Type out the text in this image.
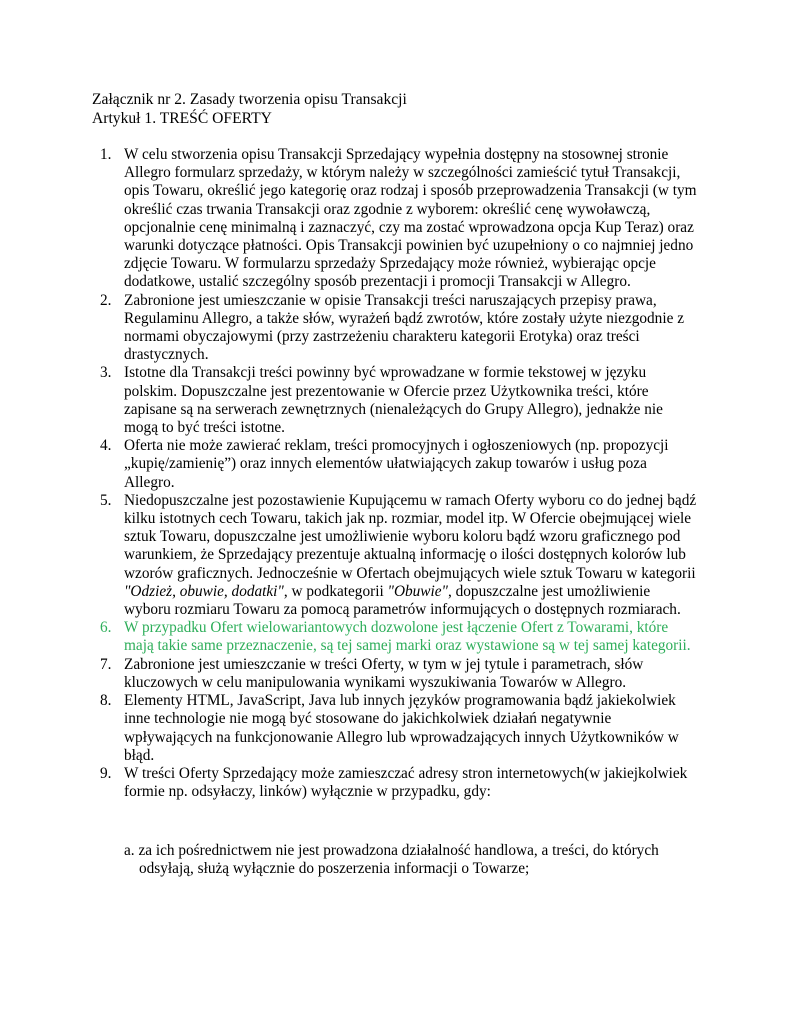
Załącznik nr 2. Zasady tworzenia opisu Transakcji

Artykuł 1. TREŚĆ OFERTY

1. W celu stworzenia opisu Transakcji Sprzedający wypełnia dostępny na stosownej stronie Allegro formularz sprzedaży, w którym należy w szczególności zamieścić tytuł Transakcji, opis Towaru, określić jego kategorię oraz rodzaj i sposób przeprowadzenia Transakcji (w tym określić czas trwania Transakcji oraz zgodnie z wyborem: określić cenę wywoławczą, opcjonalnie cenę minimalną i zaznaczyć, czy ma zostać wprowadzona opcja Kup Teraz) oraz warunki dotyczące płatności. Opis Transakcji powinien być uzupełniony o co najmniej jedno zdjęcie Towaru. W formularzu sprzedaży Sprzedający może również, wybierając opcje dodatkowe, ustalić szczególny sposób prezentacji i promocji Transakcji w Allegro.
2. Zabronione jest umieszczanie w opisie Transakcji treści naruszających przepisy prawa, Regulaminu Allegro, a także słów, wyrażeń bądź zwrotów, które zostały użyte niezgodnie z normami obyczajowymi (przy zastrzeżeniu charakteru kategorii Erotyka) oraz treści drastycznych.
3. Istotne dla Transakcji treści powinny być wprowadzane w formie tekstowej w języku polskim. Dopuszczalne jest prezentowanie w Ofercie przez Użytkownika treści, które zapisane są na serwerach zewnętrznych (nienależących do Grupy Allegro), jednakże nie mogą to być treści istotne.
4. Oferta nie może zawierać reklam, treści promocyjnych i ogłoszeniowych (np. propozycji „kupię/zamienię”) oraz innych elementów ułatwiających zakup towarów i usług poza Allegro.
5. Niedopuszczalne jest pozostawienie Kupującemu w ramach Oferty wyboru co do jednej bądź kilku istotnych cech Towaru, takich jak np. rozmiar, model itp. W Ofercie obejmującej wiele sztuk Towaru, dopuszczalne jest umożliwienie wyboru koloru bądź wzoru graficznego pod warunkiem, że Sprzedający prezentuje aktualną informację o ilości dostępnych kolorów lub wzorów graficznych. Jednocześnie w Ofertach obejmujących wiele sztuk Towaru w kategorii "Odzież, obuwie, dodatki", w podkategorii "Obuwie", dopuszczalne jest umożliwienie wyboru rozmiaru Towaru za pomocą parametrów informujących o dostępnych rozmiarach.
6. W przypadku Ofert wielowariantowych dozwolone jest łączenie Ofert z Towarami, które mają takie same przeznaczenie, są tej samej marki oraz wystawione są w tej samej kategorii.
7. Zabronione jest umieszczanie w treści Oferty, w tym w jej tytule i parametrach, słów kluczowych w celu manipulowania wynikami wyszukiwania Towarów w Allegro.
8. Elementy HTML, JavaScript, Java lub innych języków programowania bądź jakiekolwiek inne technologie nie mogą być stosowane do jakichkolwiek działań negatywnie wpływających na funkcjonowanie Allegro lub wprowadzających innych Użytkowników w błąd.
9. W treści Oferty Sprzedający może zamieszczać adresy stron internetowych(w jakiejkolwiek formie np. odsyłaczy, linków) wyłącznie w przypadku, gdy:

a. za ich pośrednictwem nie jest prowadzona działalność handlowa, a treści, do których odsyłają, służą wyłącznie do poszerzenia informacji o Towarze;
